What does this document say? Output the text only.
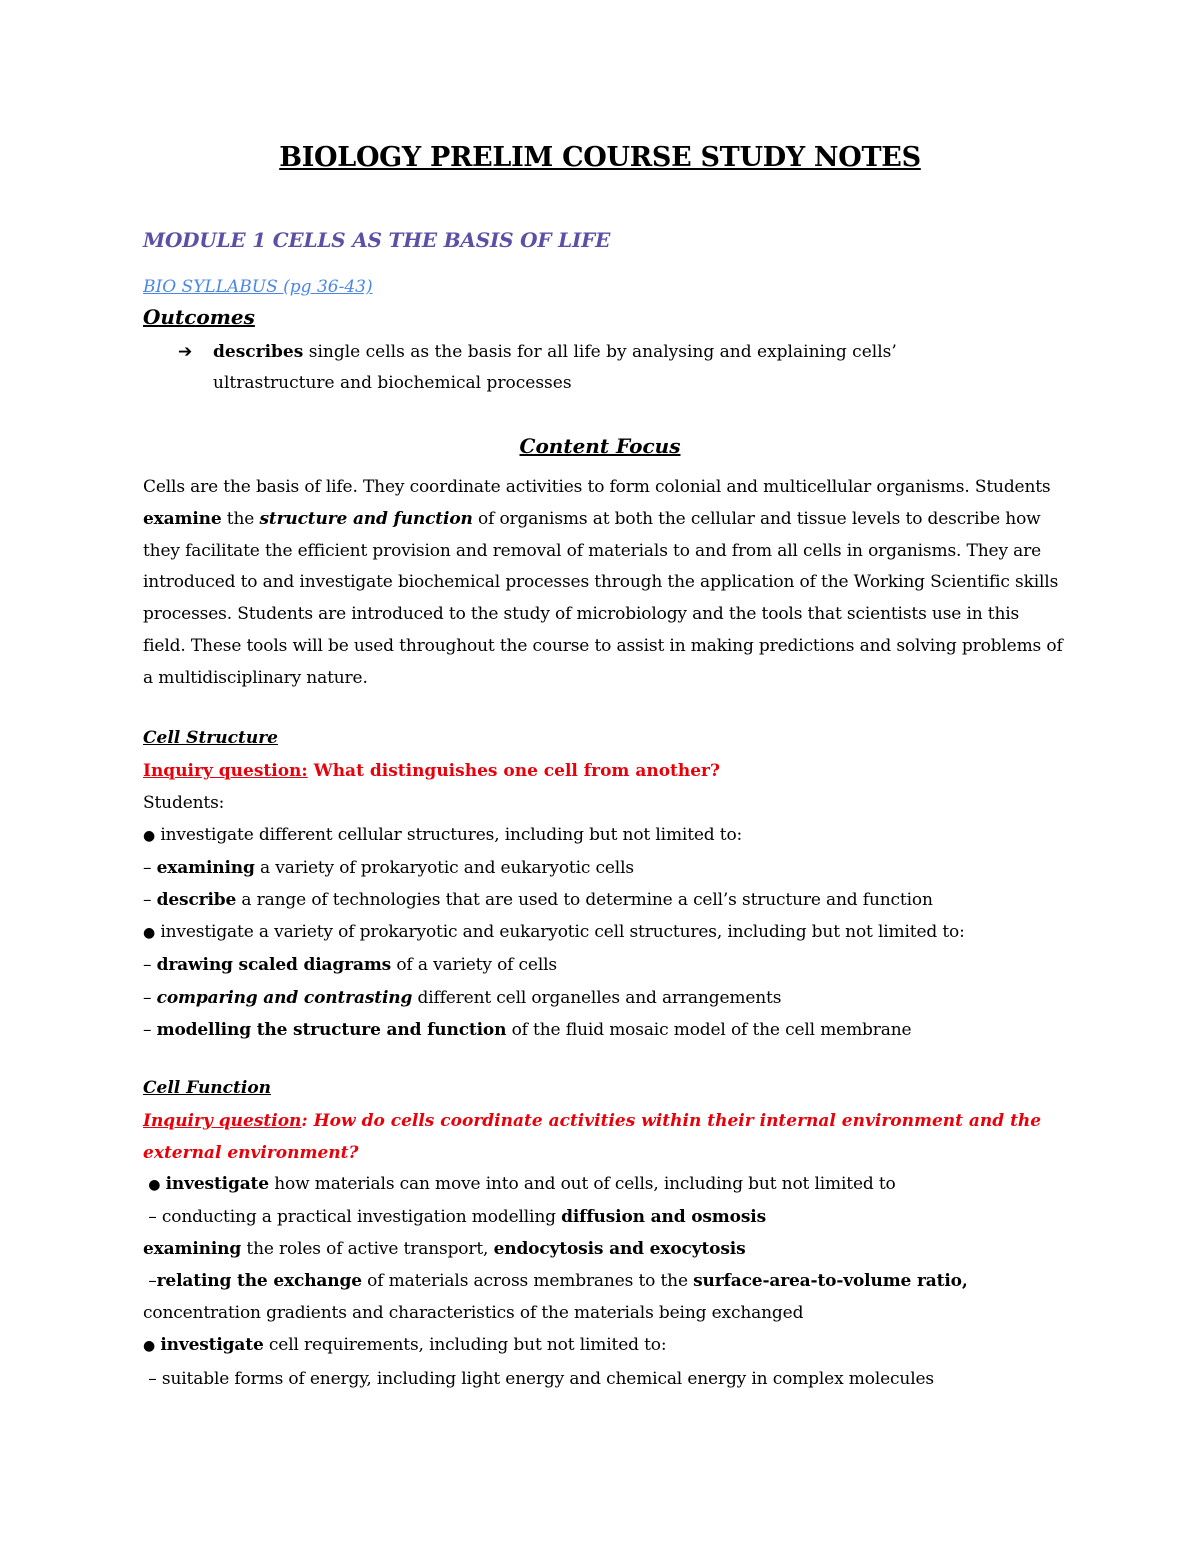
BIOLOGY PRELIM COURSE STUDY NOTES
MODULE 1 CELLS AS THE BASIS OF LIFE
BIO SYLLABUS (pg 36-43)
Outcomes
➔	describes single cells as the basis for all life by analysing and explaining cells’ ultrastructure and biochemical processes
Content Focus

Cells are the basis of life. They coordinate activities to form colonial and multicellular organisms. Students examine the structure and function of organisms at both the cellular and tissue levels to describe how they facilitate the efficient provision and removal of materials to and from all cells in organisms. They are introduced to and investigate biochemical processes through the application of the Working Scientific skills processes. Students are introduced to the study of microbiology and the tools that scientists use in this field. These tools will be used throughout the course to assist in making predictions and solving problems of a multidisciplinary nature.

Cell Structure

Inquiry question: What distinguishes one cell from another?

Students:
● investigate different cellular structures, including but not limited to:
– examining a variety of prokaryotic and eukaryotic cells
– describe a range of technologies that are used to determine a cell’s structure and function
● investigate a variety of prokaryotic and eukaryotic cell structures, including but not limited to:
– drawing scaled diagrams of a variety of cells
– comparing and contrasting different cell organelles and arrangements
– modelling the structure and function of the fluid mosaic model of the cell membrane
Cell Function

Inquiry question: How do cells coordinate activities within their internal environment and the external environment?

● investigate how materials can move into and out of cells, including but not limited to
– conducting a practical investigation modelling diffusion and osmosis
examining the roles of active transport, endocytosis and exocytosis
–relating the exchange of materials across membranes to the surface-area-to-volume ratio,
concentration gradients and characteristics of the materials being exchanged
● investigate cell requirements, including but not limited to:
– suitable forms of energy, including light energy and chemical energy in complex molecules
